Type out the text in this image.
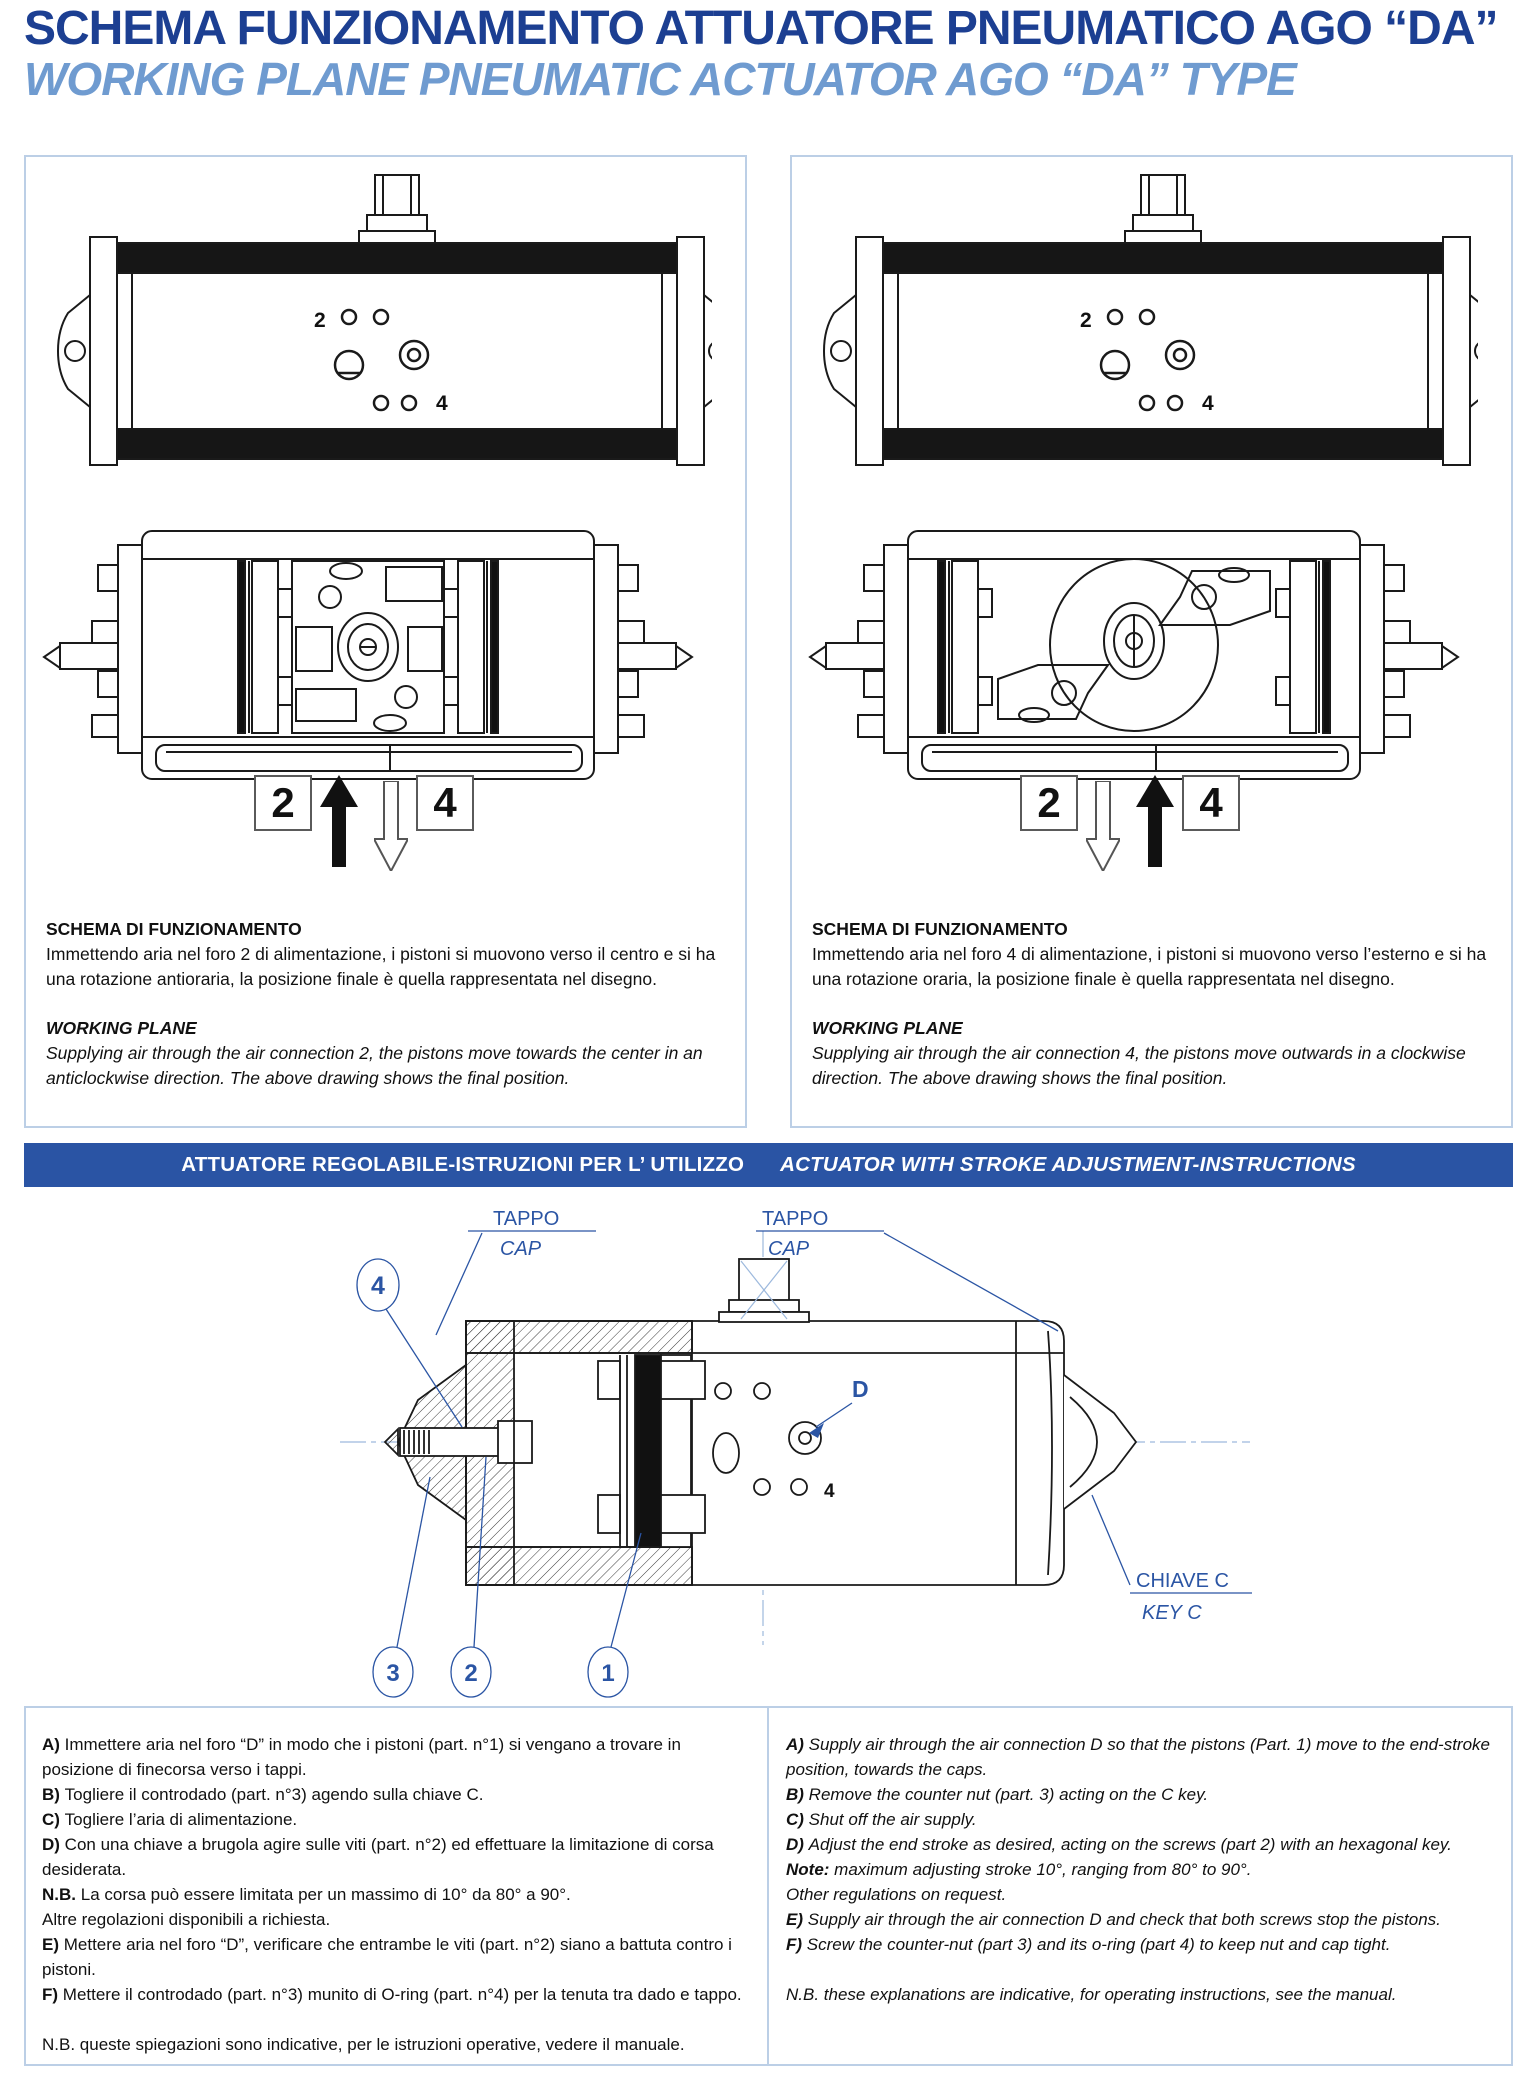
SCHEMA FUNZIONAMENTO ATTUATORE PNEUMATICO AGO “DA”
WORKING PLANE PNEUMATIC ACTUATOR AGO “DA” TYPE
2
4
2	4
SCHEMA DI FUNZIONAMENTO

Immettendo aria nel foro 2 di alimentazione, i pistoni si muovono verso il centro e si ha una rotazione antioraria, la posizione finale è quella rappresentata nel disegno.

WORKING PLANE

Supplying air through the air connection 2, the pistons move towards the center in an anticlockwise direction. The above drawing shows the final position.

2
4
2	4
SCHEMA DI FUNZIONAMENTO

Immettendo aria nel foro 4 di alimentazione, i pistoni si muovono verso l’esterno e si ha una rotazione oraria, la posizione finale è quella rappresentata nel disegno.

WORKING PLANE

Supplying air through the air connection 4, the pistons move outwards in a clockwise direction. The above drawing shows the final position.

ATTUATORE REGOLABILE-ISTRUZIONI PER L’ UTILIZZO ACTUATOR WITH STROKE ADJUSTMENT-INSTRUCTIONS
4
TAPPO
CAP
TAPPO
CAP
CHIAVE C
KEY C
D
4
3	2	1
A) Immettere aria nel foro “D” in modo che i pistoni (part. n°1) si vengano a trovare in posizione di finecorsa verso i tappi.
B) Togliere il controdado (part. n°3) agendo sulla chiave C.
C) Togliere l’aria di alimentazione.
D) Con una chiave a brugola agire sulle viti (part. n°2) ed effettuare la limitazione di corsa desiderata.
N.B. La corsa può essere limitata per un massimo di 10° da 80° a 90°.
Altre regolazioni disponibili a richiesta.
E) Mettere aria nel foro “D”, verificare che entrambe le viti (part. n°2) siano a battuta contro i pistoni.
F) Mettere il controdado (part. n°3) munito di O-ring (part. n°4) per la tenuta tra dado e tappo.
N.B. queste spiegazioni sono indicative, per le istruzioni operative, vedere il manuale.
A) Supply air through the air connection D so that the pistons (Part. 1) move to the end-stroke position, towards the caps.
B) Remove the counter nut (part. 3) acting on the C key.
C) Shut off the air supply.
D) Adjust the end stroke as desired, acting on the screws (part 2) with an hexagonal key.
Note: maximum adjusting stroke 10°, ranging from 80° to 90°.
Other regulations on request.
E) Supply air through the air connection D and check that both screws stop the pistons.
F) Screw the counter-nut (part 3) and its o-ring (part 4) to keep nut and cap tight.
N.B. these explanations are indicative, for operating instructions, see the manual.
